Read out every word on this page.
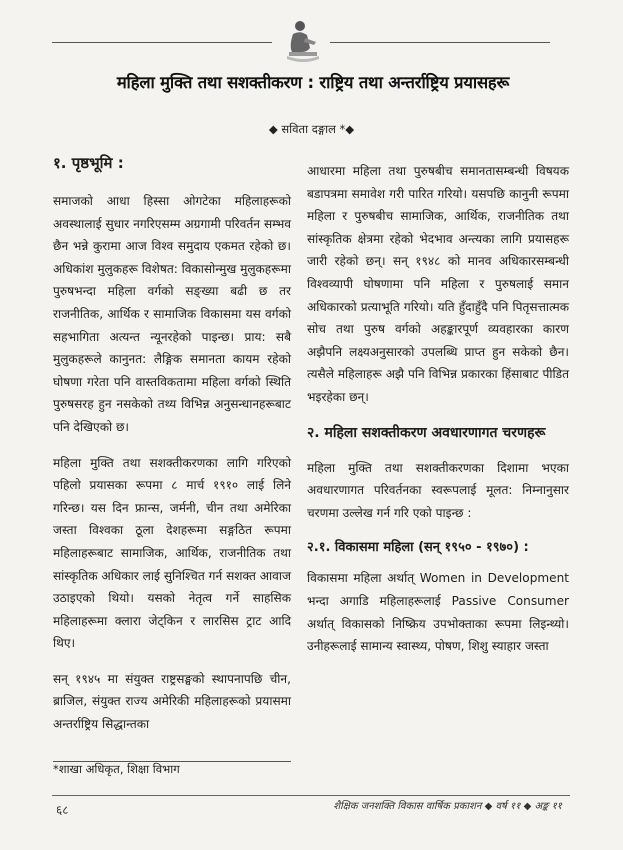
महिला मुक्ति तथा सशक्तीकरण : राष्ट्रिय तथा अन्तर्राष्ट्रिय प्रयासहरू
◆ सविता दङ्गाल *◆
१. पृष्ठभूमि :

समाजको आधा हिस्सा ओगटेका महिलाहरूको अवस्थालाई सुधार नगरिएसम्म अग्रगामी परिवर्तन सम्भव छैन भन्ने कुरामा आज विश्व समुदाय एकमत रहेको छ। अधिकांश मुलुकहरू विशेषत: विकासोन्मुख मुलुकहरूमा पुरुषभन्दा महिला वर्गको सङ्ख्या बढी छ तर राजनीतिक, आर्थिक र सामाजिक विकासमा यस वर्गको सहभागिता अत्यन्त न्यूनरहेको पाइन्छ। प्राय: सबै मुलुकहरूले कानुनत: लैङ्गिक समानता कायम रहेको घोषणा गरेता पनि वास्तविकतामा महिला वर्गको स्थिति पुरुषसरह हुन नसकेको तथ्य विभिन्न अनुसन्धानहरूबाट पनि देखिएको छ।

महिला मुक्ति तथा सशक्तीकरणका लागि गरिएको पहिलो प्रयासका रूपमा ८ मार्च १९१० लाई लिने गरिन्छ। यस दिन फ्रान्स, जर्मनी, चीन तथा अमेरिका जस्ता विश्वका ठूला देशहरूमा सङ्गठित रूपमा महिलाहरूबाट सामाजिक, आर्थिक, राजनीतिक तथा सांस्कृतिक अधिकार लाई सुनिश्चित गर्न सशक्त आवाज उठाइएको थियो। यसको नेतृत्व गर्ने साहसिक महिलाहरूमा क्लारा जेट्किन र लारसिस ट्राट आदि थिए।

सन् १९४५ मा संयुक्त राष्ट्रसङ्घको स्थापनापछि चीन, ब्राजिल, संयुक्त राज्य अमेरिकी महिलाहरूको प्रयासमा अन्तर्राष्ट्रिय सिद्धान्तका

आधारमा महिला तथा पुरुषबीच समानतासम्बन्धी विषयक बडापत्रमा समावेश गरी पारित गरियो। यसपछि कानुनी रूपमा महिला र पुरुषबीच सामाजिक, आर्थिक, राजनीतिक तथा सांस्कृतिक क्षेत्रमा रहेको भेदभाव अन्त्यका लागि प्रयासहरू जारी रहेको छन्। सन् १९४८ को मानव अधिकारसम्बन्धी विश्वव्यापी घोषणामा पनि महिला र पुरुषलाई समान अधिकारको प्रत्याभूति गरियो। यति हुँदाहुँदै पनि पितृसत्तात्मक सोच तथा पुरुष वर्गको अहङ्कारपूर्ण व्यवहारका कारण अझैपनि लक्ष्यअनुसारको उपलब्धि प्राप्त हुन सकेको छैन। त्यसैले महिलाहरू अझै पनि विभिन्न प्रकारका हिंसाबाट पीडित भइरहेका छन्।

२. महिला सशक्तीकरण अवधारणागत चरणहरू

महिला मुक्ति तथा सशक्तीकरणका दिशामा भएका अवधारणागत परिवर्तनका स्वरूपलाई मूलत: निम्नानुसार चरणमा उल्लेख गर्न गरि एको पाइन्छ :

२.१. विकासमा महिला (सन् १९५० - १९७०) :

विकासमा महिला अर्थात् Women in Development भन्दा अगाडि महिलाहरूलाई Passive Consumer अर्थात् विकासको निष्क्रिय उपभोक्ताका रूपमा लिइन्थ्यो। उनीहरूलाई सामान्य स्वास्थ्य, पोषण, शिशु स्याहार जस्ता

*शाखा अधिकृत, शिक्षा विभाग
६८	शैक्षिक जनशक्ति विकास वार्षिक प्रकाशन ◆ वर्ष ११ ◆ अङ्क ११
